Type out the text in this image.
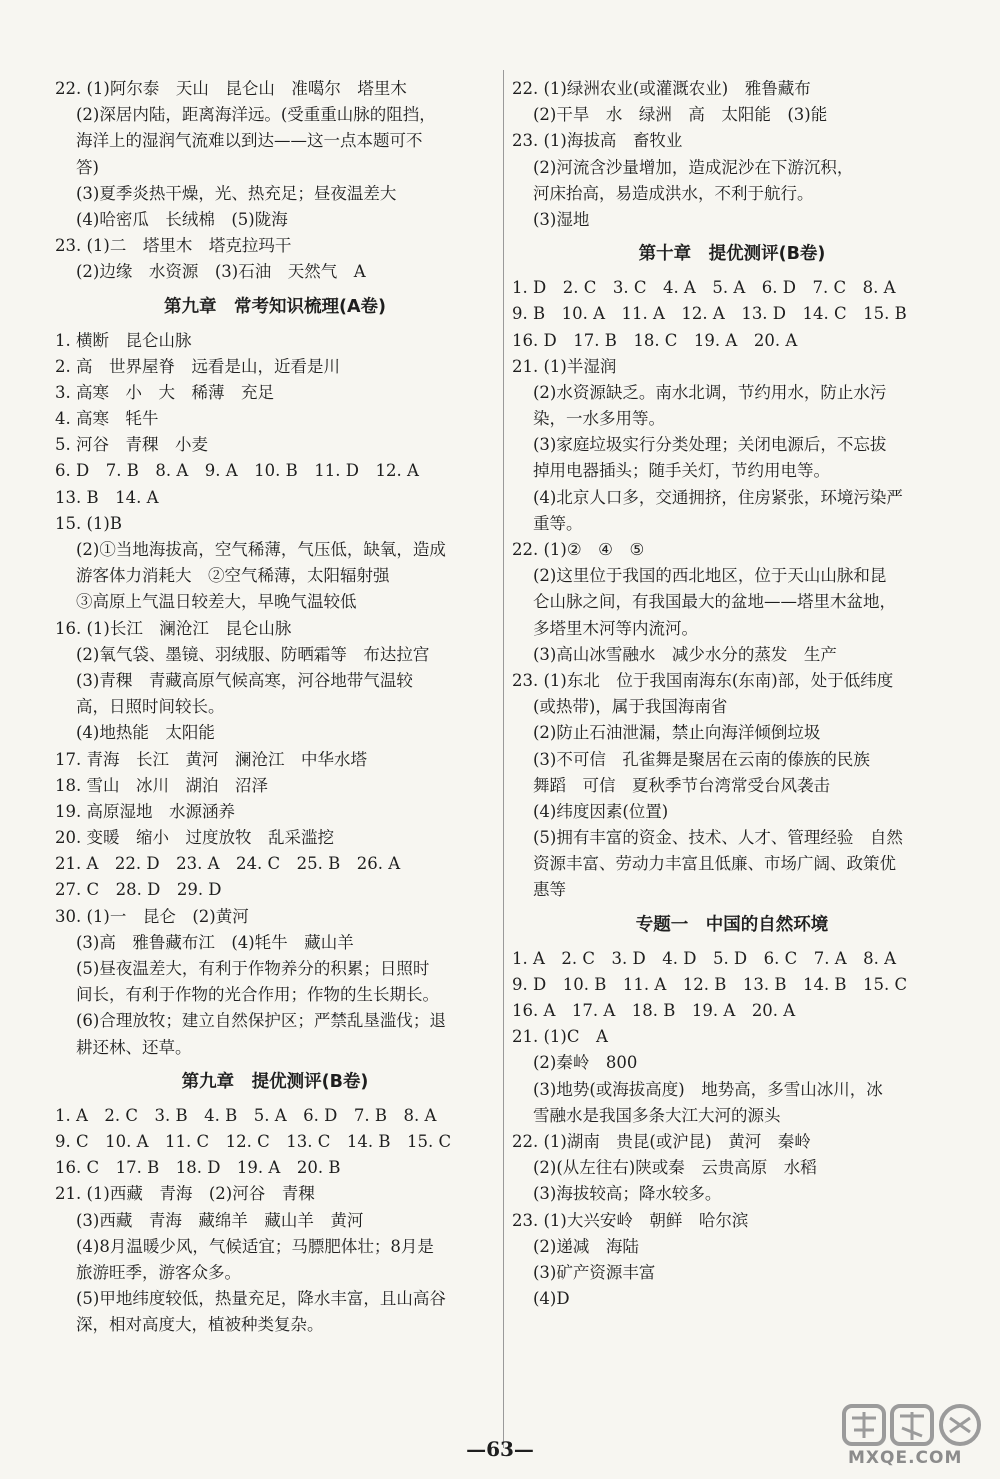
22. (1)阿尔泰　天山　昆仑山　准噶尔　塔里木
(2)深居内陆，距离海洋远。(受重重山脉的阻挡，
海洋上的湿润气流难以到达——这一点本题可不
答)
(3)夏季炎热干燥，光、热充足；昼夜温差大
(4)哈密瓜　长绒棉　(5)陇海
23. (1)二　塔里木　塔克拉玛干
(2)边缘　水资源　(3)石油　天然气　A
第九章　常考知识梳理(A卷)
1. 横断　昆仑山脉
2. 高　世界屋脊　远看是山，近看是川
3. 高寒　小　大　稀薄　充足
4. 高寒　牦牛
5. 河谷　青稞　小麦
6. D　7. B　8. A　9. A　10. B　11. D　12. A
13. B　14. A
15. (1)B
(2)①当地海拔高，空气稀薄，气压低，缺氧，造成
游客体力消耗大　②空气稀薄，太阳辐射强
③高原上气温日较差大，早晚气温较低
16. (1)长江　澜沧江　昆仑山脉
(2)氧气袋、墨镜、羽绒服、防晒霜等　布达拉宫
(3)青稞　青藏高原气候高寒，河谷地带气温较
高，日照时间较长。
(4)地热能　太阳能
17. 青海　长江　黄河　澜沧江　中华水塔
18. 雪山　冰川　湖泊　沼泽
19. 高原湿地　水源涵养
20. 变暖　缩小　过度放牧　乱采滥挖
21. A　22. D　23. A　24. C　25. B　26. A
27. C　28. D　29. D
30. (1)一　昆仑　(2)黄河
(3)高　雅鲁藏布江　(4)牦牛　藏山羊
(5)昼夜温差大，有利于作物养分的积累；日照时
间长，有利于作物的光合作用；作物的生长期长。
(6)合理放牧；建立自然保护区；严禁乱垦滥伐；退
耕还林、还草。
第九章　提优测评(B卷)
1. A　2. C　3. B　4. B　5. A　6. D　7. B　8. A
9. C　10. A　11. C　12. C　13. C　14. B　15. C
16. C　17. B　18. D　19. A　20. B
21. (1)西藏　青海　(2)河谷　青稞
(3)西藏　青海　藏绵羊　藏山羊　黄河
(4)8月温暖少风，气候适宜；马膘肥体壮；8月是
旅游旺季，游客众多。
(5)甲地纬度较低，热量充足，降水丰富，且山高谷
深，相对高度大，植被种类复杂。
22. (1)绿洲农业(或灌溉农业)　雅鲁藏布
(2)干旱　水　绿洲　高　太阳能　(3)能
23. (1)海拔高　畜牧业
(2)河流含沙量增加，造成泥沙在下游沉积，
河床抬高，易造成洪水，不利于航行。
(3)湿地
第十章　提优测评(B卷)
1. D　2. C　3. C　4. A　5. A　6. D　7. C　8. A
9. B　10. A　11. A　12. A　13. D　14. C　15. B
16. D　17. B　18. C　19. A　20. A
21. (1)半湿润
(2)水资源缺乏。南水北调，节约用水，防止水污
染，一水多用等。
(3)家庭垃圾实行分类处理；关闭电源后，不忘拔
掉用电器插头；随手关灯，节约用电等。
(4)北京人口多，交通拥挤，住房紧张，环境污染严
重等。
22. (1)②　④　⑤
(2)这里位于我国的西北地区，位于天山山脉和昆
仑山脉之间，有我国最大的盆地——塔里木盆地，
多塔里木河等内流河。
(3)高山冰雪融水　减少水分的蒸发　生产
23. (1)东北　位于我国南海东(东南)部，处于低纬度
(或热带)，属于我国海南省
(2)防止石油泄漏，禁止向海洋倾倒垃圾
(3)不可信　孔雀舞是聚居在云南的傣族的民族
舞蹈　可信　夏秋季节台湾常受台风袭击
(4)纬度因素(位置)
(5)拥有丰富的资金、技术、人才、管理经验　自然
资源丰富、劳动力丰富且低廉、市场广阔、政策优
惠等
专题一　中国的自然环境
1. A　2. C　3. D　4. D　5. D　6. C　7. A　8. A
9. D　10. B　11. A　12. B　13. B　14. B　15. C
16. A　17. A　18. B　19. A　20. A
21. (1)C　A
(2)秦岭　800
(3)地势(或海拔高度)　地势高，多雪山冰川，冰
雪融水是我国多条大江大河的源头
22. (1)湖南　贵昆(或沪昆)　黄河　秦岭
(2)(从左往右)陕或秦　云贵高原　水稻
(3)海拔较高；降水较多。
23. (1)大兴安岭　朝鲜　哈尔滨
(2)递减　海陆
(3)矿产资源丰富
(4)D
—63—	MXQE.COM
